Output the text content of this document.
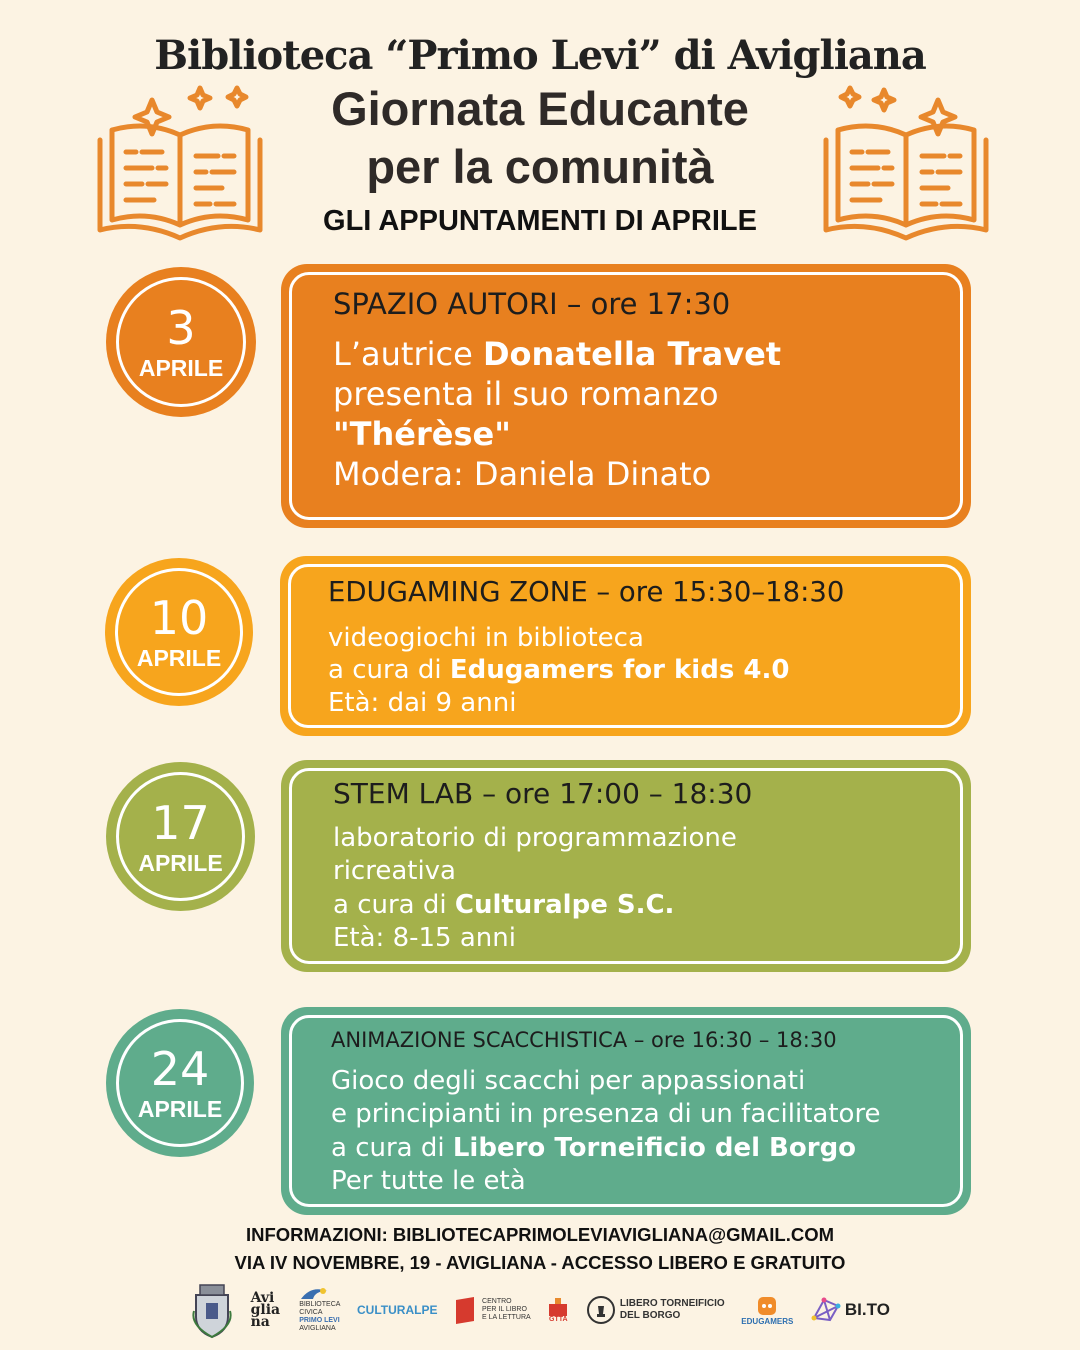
Biblioteca “Primo Levi” di Avigliana
Giornata Educante
per la comunità
GLI APPUNTAMENTI DI APRILE
3
APRILE
SPAZIO AUTORI – ore 17:30
L’autrice Donatella Travet
presenta il suo romanzo
"Thérèse"
Modera: Daniela Dinato
10
APRILE
EDUGAMING ZONE – ore 15:30–18:30
videogiochi in biblioteca
a cura di Edugamers for kids 4.0
Età: dai 9 anni
17
APRILE
STEM LAB – ore 17:00 – 18:30
laboratorio di programmazione
ricreativa
a cura di Culturalpe S.C.
Età: 8-15 anni
24
APRILE
ANIMAZIONE SCACCHISTICA – ore 16:30 – 18:30
Gioco degli scacchi per appassionati
e principianti in presenza di un facilitatore
a cura di Libero Torneificio del Borgo
Per tutte le età
INFORMAZIONI: BIBLIOTECAPRIMOLEVIAVIGLIANA@GMAIL.COM
VIA IV NOVEMBRE, 19 - AVIGLIANA - ACCESSO LIBERO E GRATUITO
Avigliana
BIBLIOTECA
CIVICA
PRIMO LEVI
AVIGLIANA
CULTURALPE
CENTRO
PER IL LIBRO
E LA LETTURA	GTTA
LIBERO TORNEIFICIO
DEL BORGO	EDUGAMERS
BI.TO
